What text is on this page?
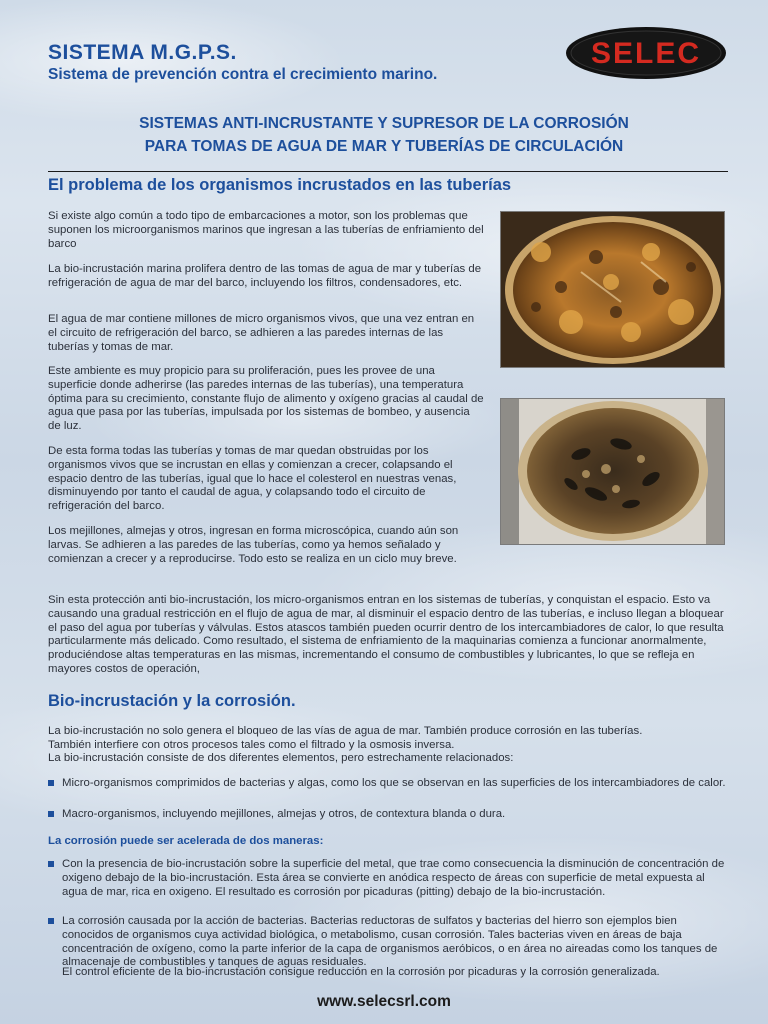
SISTEMA M.G.P.S.
Sistema de prevención contra el crecimiento marino.
SELEC
SISTEMAS ANTI-INCRUSTANTE Y SUPRESOR DE LA CORROSIÓN
PARA TOMAS DE AGUA DE MAR Y TUBERÍAS DE CIRCULACIÓN
El problema de los organismos incrustados en las tuberías

Si existe algo común a todo tipo de embarcaciones a motor, son los problemas que suponen los microorganismos marinos que ingresan a las tuberías de enfriamiento del barco

La bio-incrustación marina prolifera dentro de las tomas de agua de mar y tuberías de refrigeración de agua de mar del barco, incluyendo los filtros, condensadores, etc.

El agua de mar contiene millones de micro organismos vivos, que una vez entran en el circuito de refrigeración del barco, se adhieren a las paredes internas de las tuberías y tomas de mar.

Este ambiente es muy propicio para su proliferación, pues les provee de una superficie donde adherirse (las paredes internas de las tuberías), una temperatura óptima para su crecimiento, constante flujo de alimento y oxígeno gracias al caudal de agua que pasa por las tuberías, impulsada por los sistemas de bombeo, y ausencia de luz.

De esta forma todas las tuberías y tomas de mar quedan obstruidas por los organismos vivos que se incrustan en ellas y comienzan a crecer, colapsando el espacio dentro de las tuberías, igual que lo hace el colesterol en nuestras venas, disminuyendo por tanto el caudal de agua, y colapsando todo el circuito de refrigeración del barco.

Los mejillones, almejas y otros, ingresan en forma microscópica, cuando aún son larvas. Se adhieren a las paredes de las tuberías, como ya hemos señalado y comienzan a crecer y a reproducirse. Todo esto se realiza en un ciclo muy breve.

Sin esta protección anti bio-incrustación, los micro-organismos entran en los sistemas de tuberías, y conquistan el espacio. Esto va causando una gradual restricción en el flujo de agua de mar, al disminuir el espacio dentro de las tuberías, e incluso llegan a bloquear el paso del agua por tuberías y válvulas. Estos atascos también pueden ocurrir dentro de los intercambiadores de calor, lo que resulta particularmente más delicado. Como resultado, el sistema de enfriamiento de la maquinarias comienza a funcionar anormalmente, produciéndose altas temperaturas en las mismas, incrementando el consumo de combustibles y lubricantes, lo que se refleja en mayores costos de operación,

Bio-incrustación y la corrosión.

La bio-incrustación no solo genera el bloqueo de las vías de agua de mar. También produce corrosión en las tuberías.

También interfiere con otros procesos tales como el filtrado y la osmosis inversa.

La bio-incrustación consiste de dos diferentes elementos, pero estrechamente relacionados:

Micro-organismos comprimidos de bacterias y algas, como los que se observan en las superficies de los intercambiadores de calor.
Macro-organismos, incluyendo mejillones, almejas y otros, de contextura blanda o dura.
La corrosión puede ser acelerada de dos maneras:
Con la presencia de bio-incrustación sobre la superficie del metal, que trae como consecuencia la disminución de concentración de oxigeno debajo de la bio-incrustación. Esta área se convierte en anódica respecto de áreas con superficie de metal expuesta al agua de mar, rica en oxigeno. El resultado es corrosión por picaduras (pitting) debajo de la bio-incrustación.
La corrosión causada por la acción de bacterias. Bacterias reductoras de sulfatos y bacterias del hierro son ejemplos bien conocidos de organismos cuya actividad biológica, o metabolismo, cusan corrosión. Tales bacterias viven en áreas de baja concentración de oxígeno, como la parte inferior de la capa de organismos aeróbicos, o en área no aireadas como los tanques de almacenaje de combustibles y tanques de aguas residuales.

El control eficiente de la bio-incrustación consigue reducción en la corrosión por picaduras y la corrosión generalizada.

www.selecsrl.com
